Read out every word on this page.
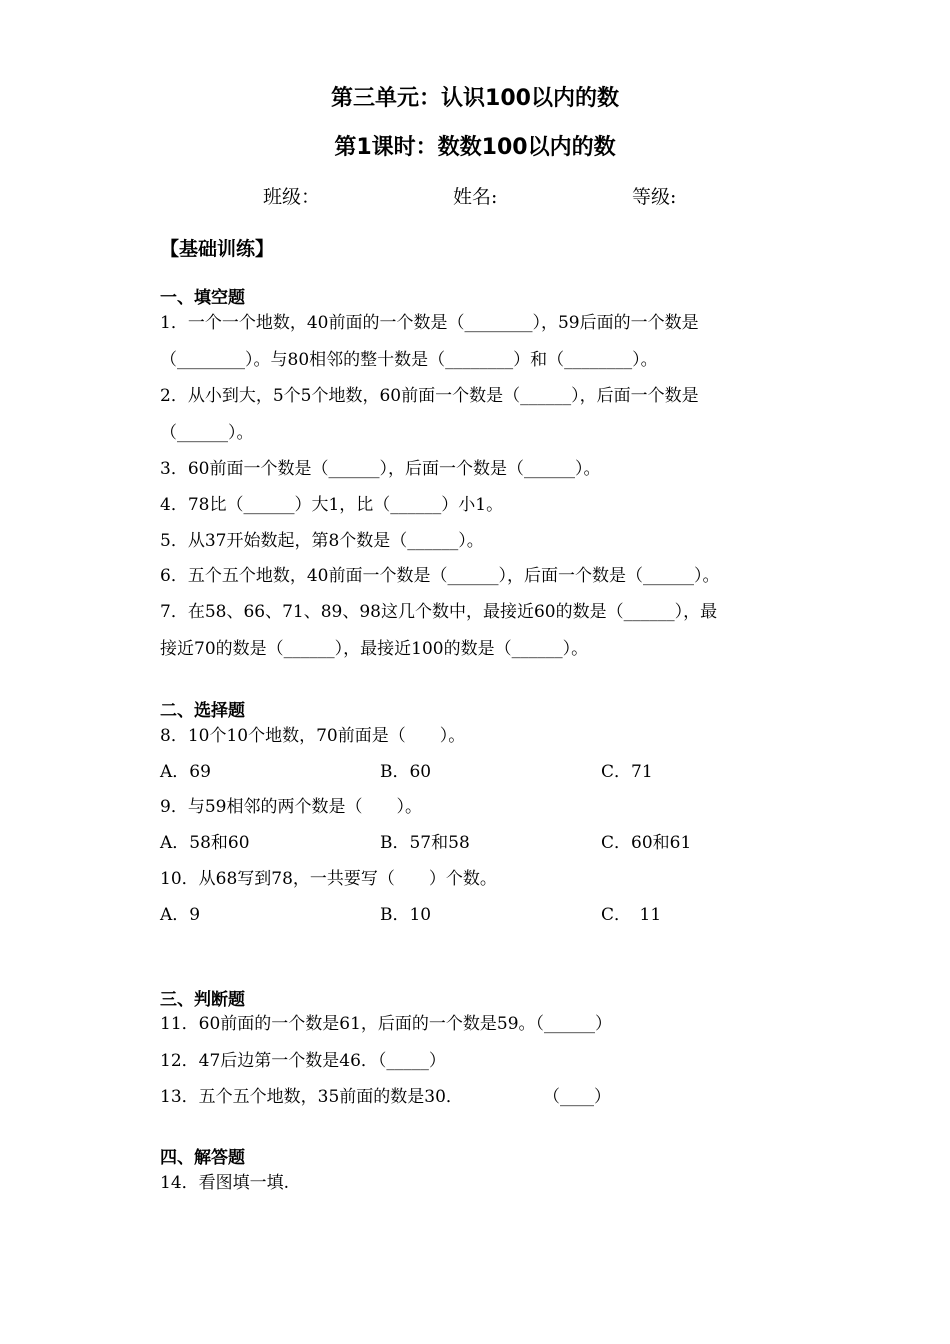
第三单元：认识100以内的数
第1课时：数数100以内的数
班级：	姓名:	等级:
【基础训练】
一、填空题
1．一个一个地数，40前面的一个数是（________），59后面的一个数是
（________）。与80相邻的整十数是（________）和（________）。
2．从小到大，5个5个地数，60前面一个数是（______），后面一个数是
（______）。
3．60前面一个数是（______），后面一个数是（______）。
4．78比（______）大1，比（______）小1。
5．从37开始数起，第8个数是（______）。
6．五个五个地数，40前面一个数是（______），后面一个数是（______）。
7．在58、66、71、89、98这几个数中，最接近60的数是（______），最
接近70的数是（______），最接近100的数是（______）。
二、选择题
8．10个10个地数，70前面是（　　）。
A．69	B．60	C．71
9．与59相邻的两个数是（　　）。
A．58和60	B．57和58	C．60和61
10．从68写到78，一共要写（　　）个数。
A．9	B．10	C．　11
三、判断题
11．60前面的一个数是61，后面的一个数是59。（______）
12．47后边第一个数是46．（_____）
13．五个五个地数，35前面的数是30．	（____）
四、解答题
14．看图填一填.
